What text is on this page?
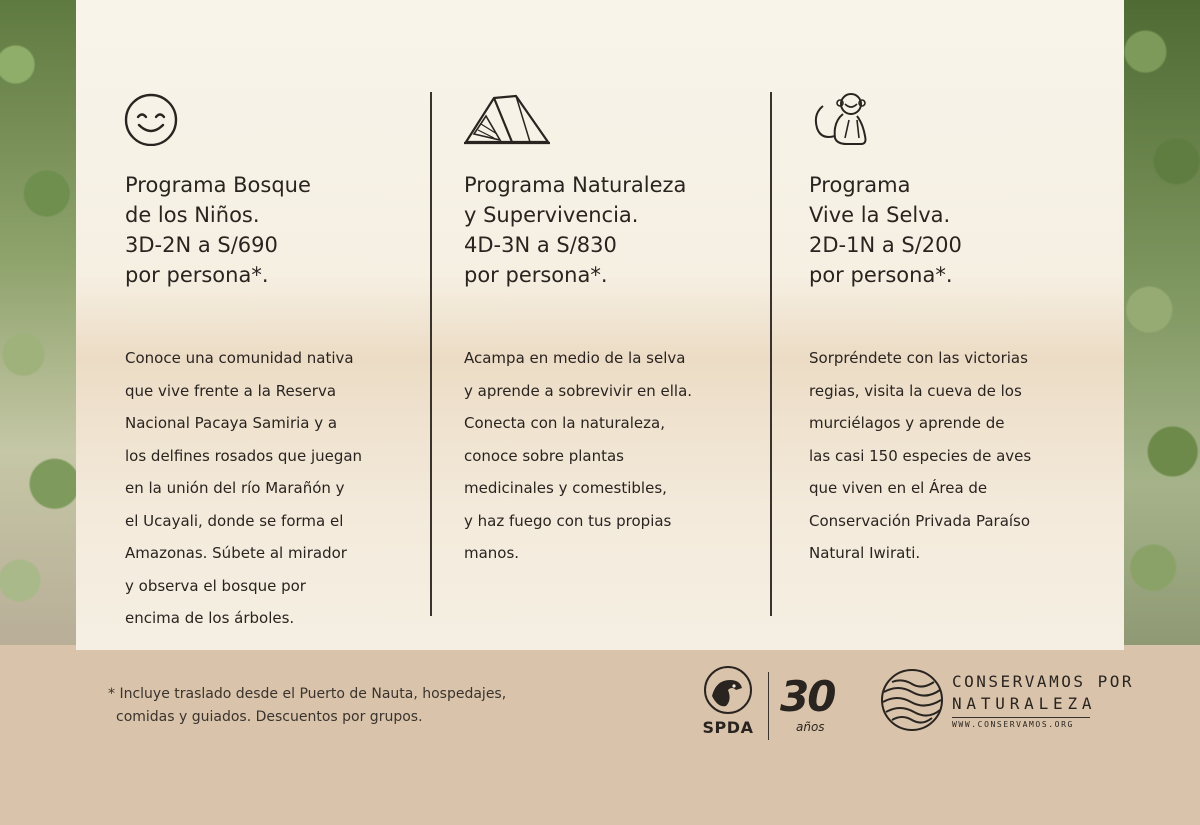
Programa Bosque
de los Niños.
3D-2N a S/690
por persona*.
Conoce una comunidad nativa
que vive frente a la Reserva
Nacional Pacaya Samiria y a
los delfines rosados que juegan
en la unión del río Marañón y
el Ucayali, donde se forma el
Amazonas. Súbete al mirador
y observa el bosque por
encima de los árboles.
Programa Naturaleza
y Supervivencia.
4D-3N a S/830
por persona*.
Acampa en medio de la selva
y aprende a sobrevivir en ella.
Conecta con la naturaleza,
conoce sobre plantas
medicinales y comestibles,
y haz fuego con tus propias
manos.
Programa
Vive la Selva.
2D-1N a S/200
por persona*.
Sorpréndete con las victorias
regias, visita la cueva de los
murciélagos y aprende de
las casi 150 especies de aves
que viven en el Área de
Conservación Privada Paraíso
Natural Iwirati.
* Incluye traslado desde el Puerto de Nauta, hospedajes,
comidas y guiados. Descuentos por grupos.
SPDA
30
años
CONSERVAMOS POR
NATURALEZA
WWW.CONSERVAMOS.ORG
